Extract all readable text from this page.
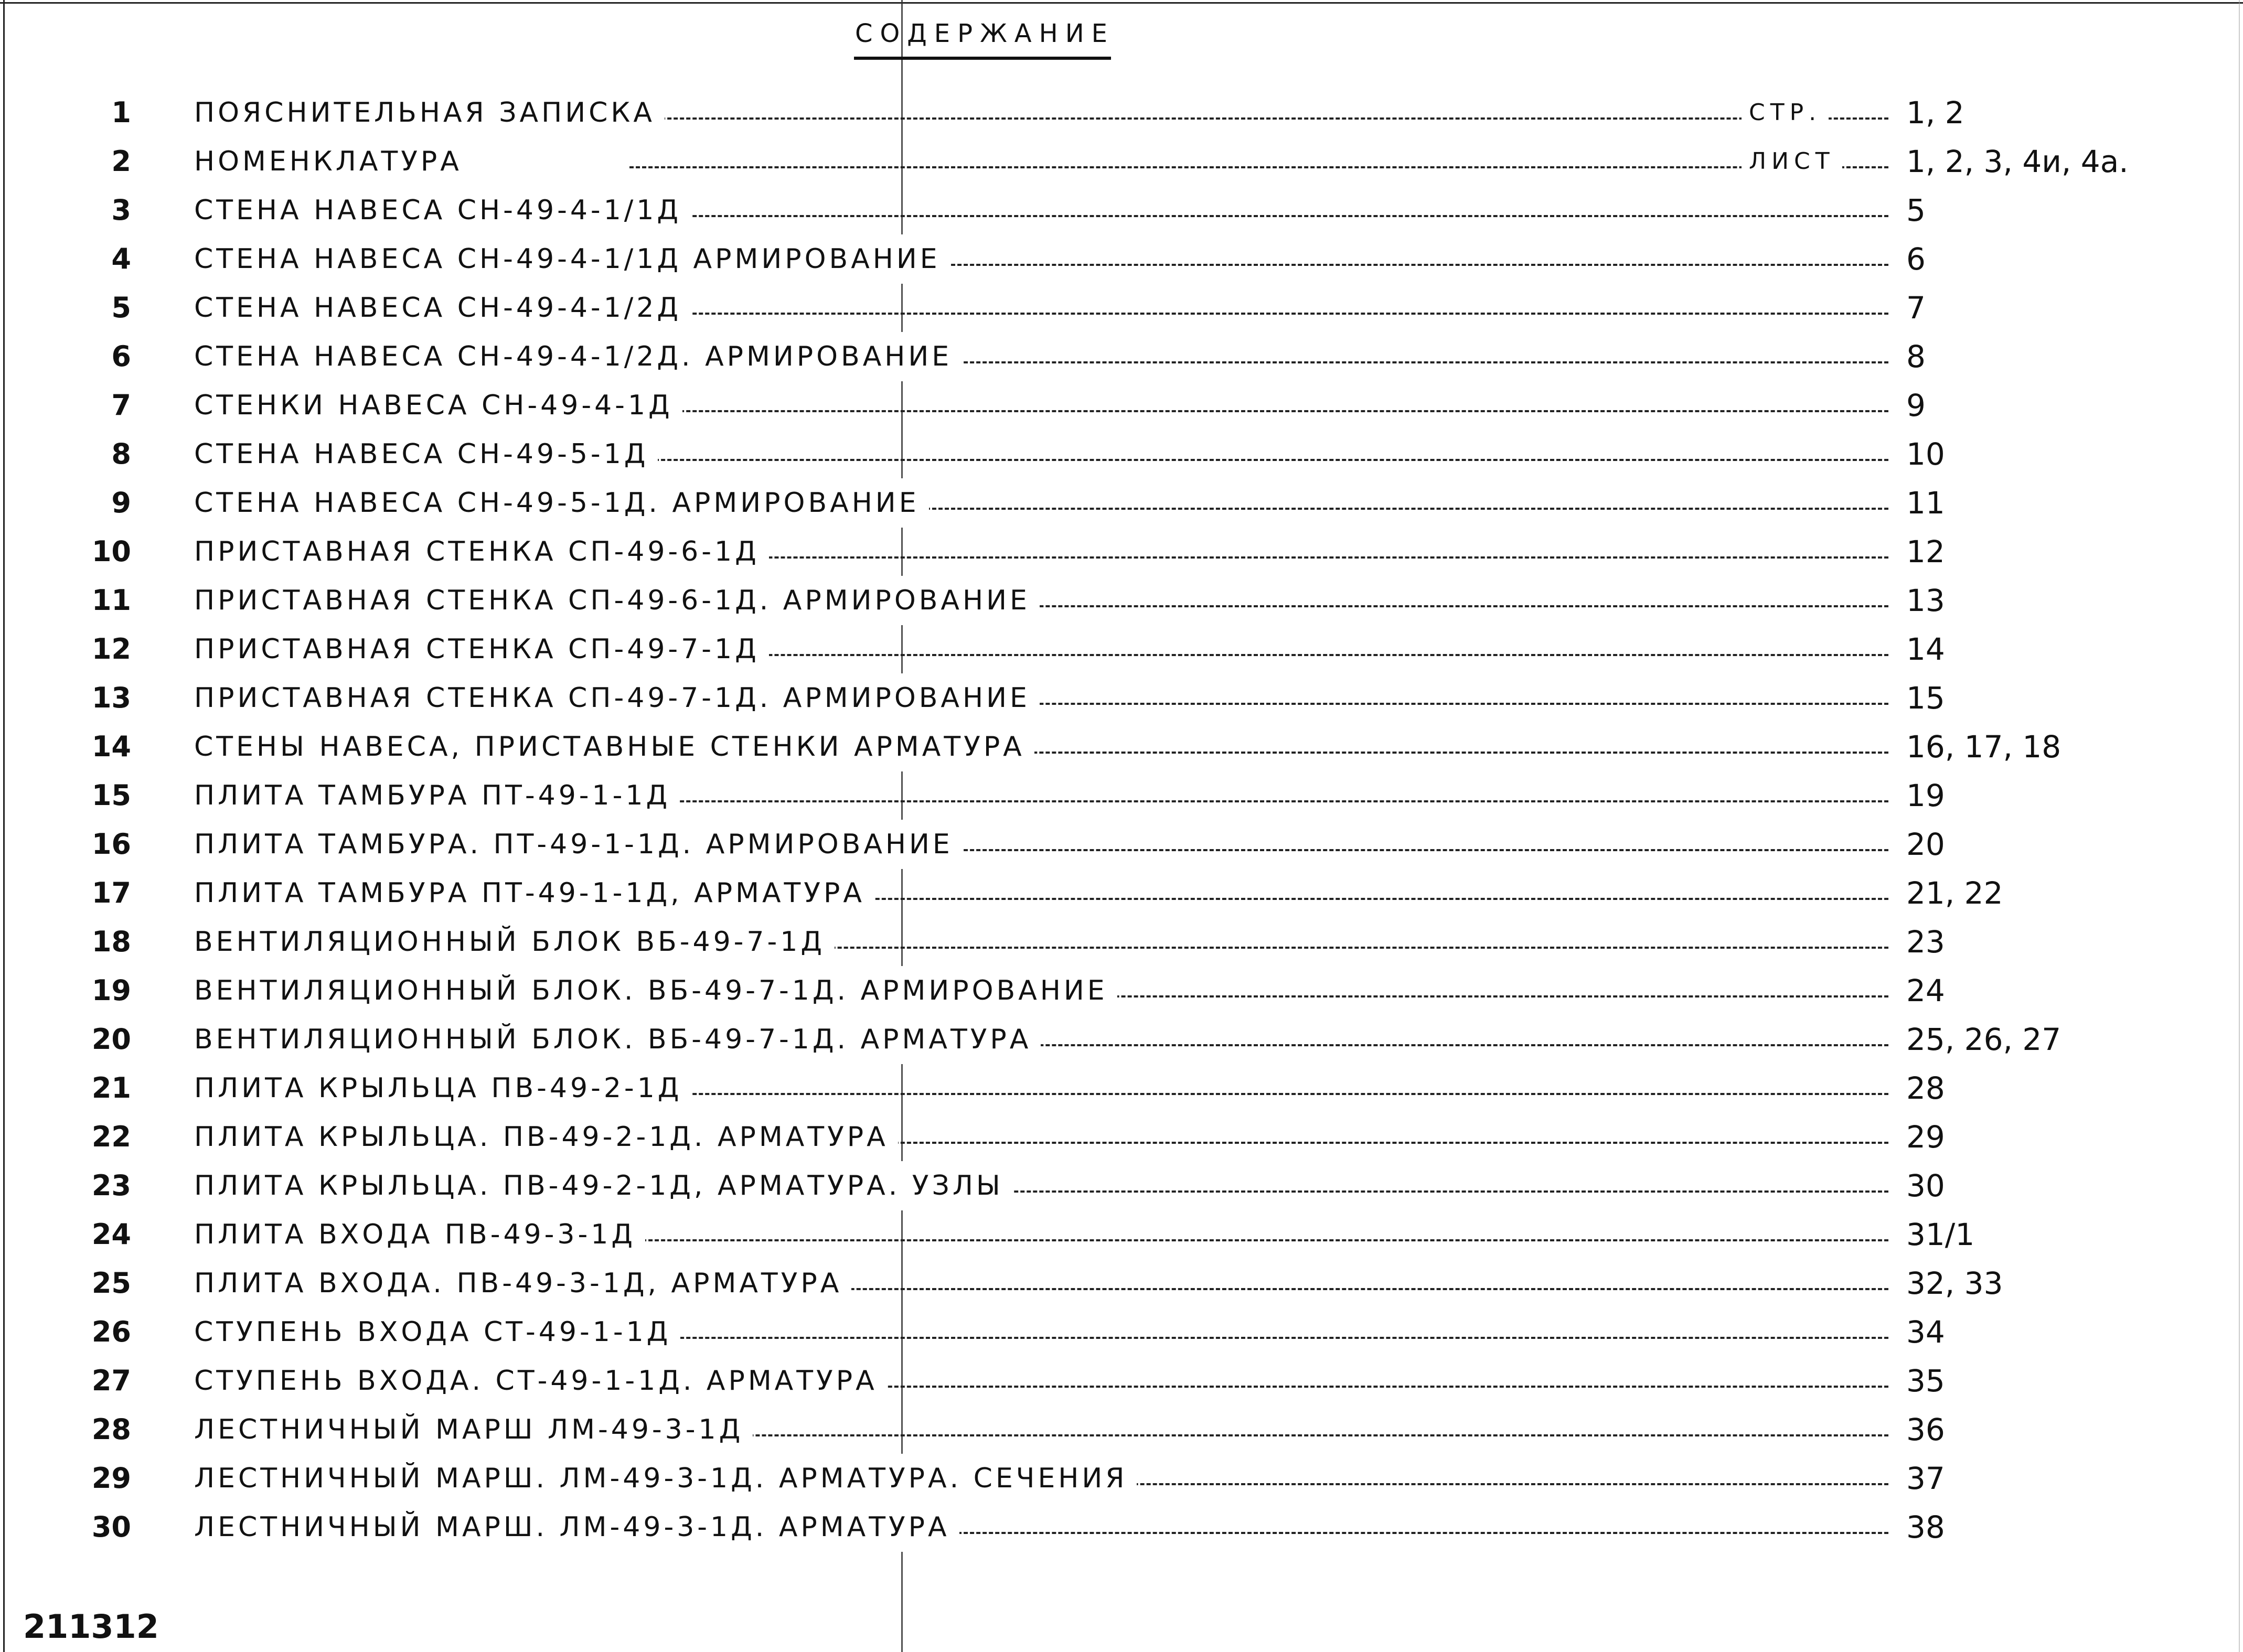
СОДЕРЖАНИЕ
1 ПОЯСНИТЕЛЬНАЯ ЗАПИСКА	СТР.	1, 2
2 НОМЕНКЛАТУРА	ЛИСТ 1, 2, 3, 4и, 4а.
3 СТЕНА НАВЕСА СН-49-4-1/1Д	5
4 СТЕНА НАВЕСА СН-49-4-1/1Д АРМИРОВАНИЕ	6
5 СТЕНА НАВЕСА СН-49-4-1/2Д	7
6 СТЕНА НАВЕСА СН-49-4-1/2Д. АРМИРОВАНИЕ	8
7 СТЕНКИ НАВЕСА СН-49-4-1Д	9
8 СТЕНА НАВЕСА СН-49-5-1Д	10
9 СТЕНА НАВЕСА СН-49-5-1Д. АРМИРОВАНИЕ	11
10 ПРИСТАВНАЯ СТЕНКА СП-49-6-1Д	12
11 ПРИСТАВНАЯ СТЕНКА СП-49-6-1Д. АРМИРОВАНИЕ	13
12 ПРИСТАВНАЯ СТЕНКА СП-49-7-1Д	14
13 ПРИСТАВНАЯ СТЕНКА СП-49-7-1Д. АРМИРОВАНИЕ	15
14 СТЕНЫ НАВЕСА, ПРИСТАВНЫЕ СТЕНКИ АРМАТУРА	16, 17, 18
15 ПЛИТА ТАМБУРА ПТ-49-1-1Д	19
16 ПЛИТА ТАМБУРА. ПТ-49-1-1Д. АРМИРОВАНИЕ	20
17 ПЛИТА ТАМБУРА ПТ-49-1-1Д, АРМАТУРА	21, 22
18 ВЕНТИЛЯЦИОННЫЙ БЛОК ВБ-49-7-1Д	23
19 ВЕНТИЛЯЦИОННЫЙ БЛОК. ВБ-49-7-1Д. АРМИРОВАНИЕ	24
20 ВЕНТИЛЯЦИОННЫЙ БЛОК. ВБ-49-7-1Д. АРМАТУРА	25, 26, 27
21 ПЛИТА КРЫЛЬЦА ПВ-49-2-1Д	28
22 ПЛИТА КРЫЛЬЦА. ПВ-49-2-1Д. АРМАТУРА	29
23 ПЛИТА КРЫЛЬЦА. ПВ-49-2-1Д, АРМАТУРА. УЗЛЫ	30
24 ПЛИТА ВХОДА ПВ-49-3-1Д	31/1
25 ПЛИТА ВХОДА. ПВ-49-3-1Д, АРМАТУРА	32, 33
26 СТУПЕНЬ ВХОДА СТ-49-1-1Д	34
27 СТУПЕНЬ ВХОДА. СТ-49-1-1Д. АРМАТУРА	35
28 ЛЕСТНИЧНЫЙ МАРШ ЛМ-49-3-1Д	36
29 ЛЕСТНИЧНЫЙ МАРШ. ЛМ-49-3-1Д. АРМАТУРА. СЕЧЕНИЯ	37
30 ЛЕСТНИЧНЫЙ МАРШ. ЛМ-49-3-1Д. АРМАТУРА	38
211312
